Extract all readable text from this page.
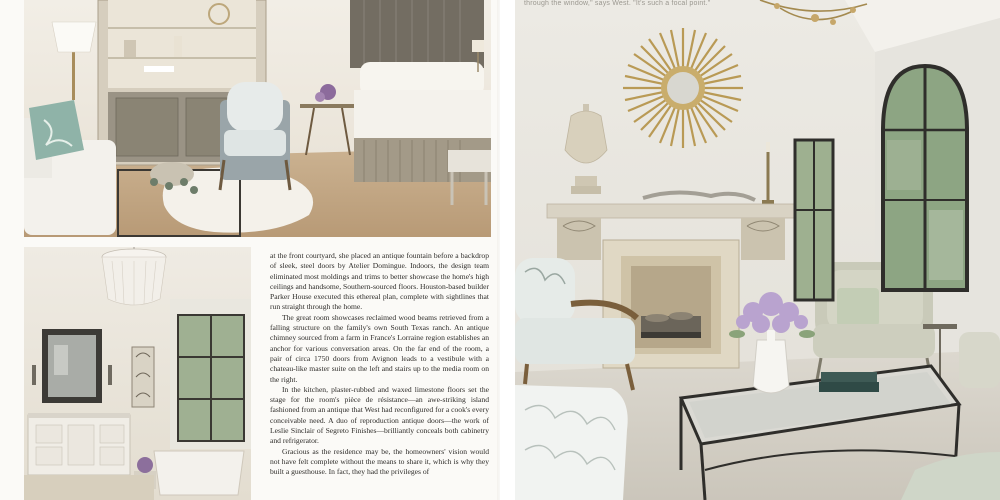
at the front courtyard, she placed an antique fountain before a backdrop of sleek, steel doors by Atelier Domingue. Indoors, the design team eliminated most moldings and trims to better showcase the home's high ceilings and handsome, Southern-sourced floors. Houston-based builder Parker House executed this ethereal plan, complete with sightlines that run straight through the home.

The great room showcases reclaimed wood beams retrieved from a falling structure on the family's own South Texas ranch. An antique chimney sourced from a farm in France's Lorraine region establishes an anchor for various conversation areas. On the far end of the room, a pair of circa 1750 doors from Avignon leads to a vestibule with a chateau-like master suite on the left and stairs up to the media room on the right.

In the kitchen, plaster-rubbed and waxed limestone floors set the stage for the room's pièce de résistance—an awe-striking island fashioned from an antique that West had reconfigured for a cook's every conceivable need. A duo of reproduction antique doors—the work of Leslie Sinclair of Segreto Finishes—brilliantly conceals both cabinetry and refrigerator.

Gracious as the residence may be, the homeowners' vision would not have felt complete without the means to share it, which is why they built a guesthouse. In fact, they had the privileges of

through the window," says West. "It's such a focal point."
